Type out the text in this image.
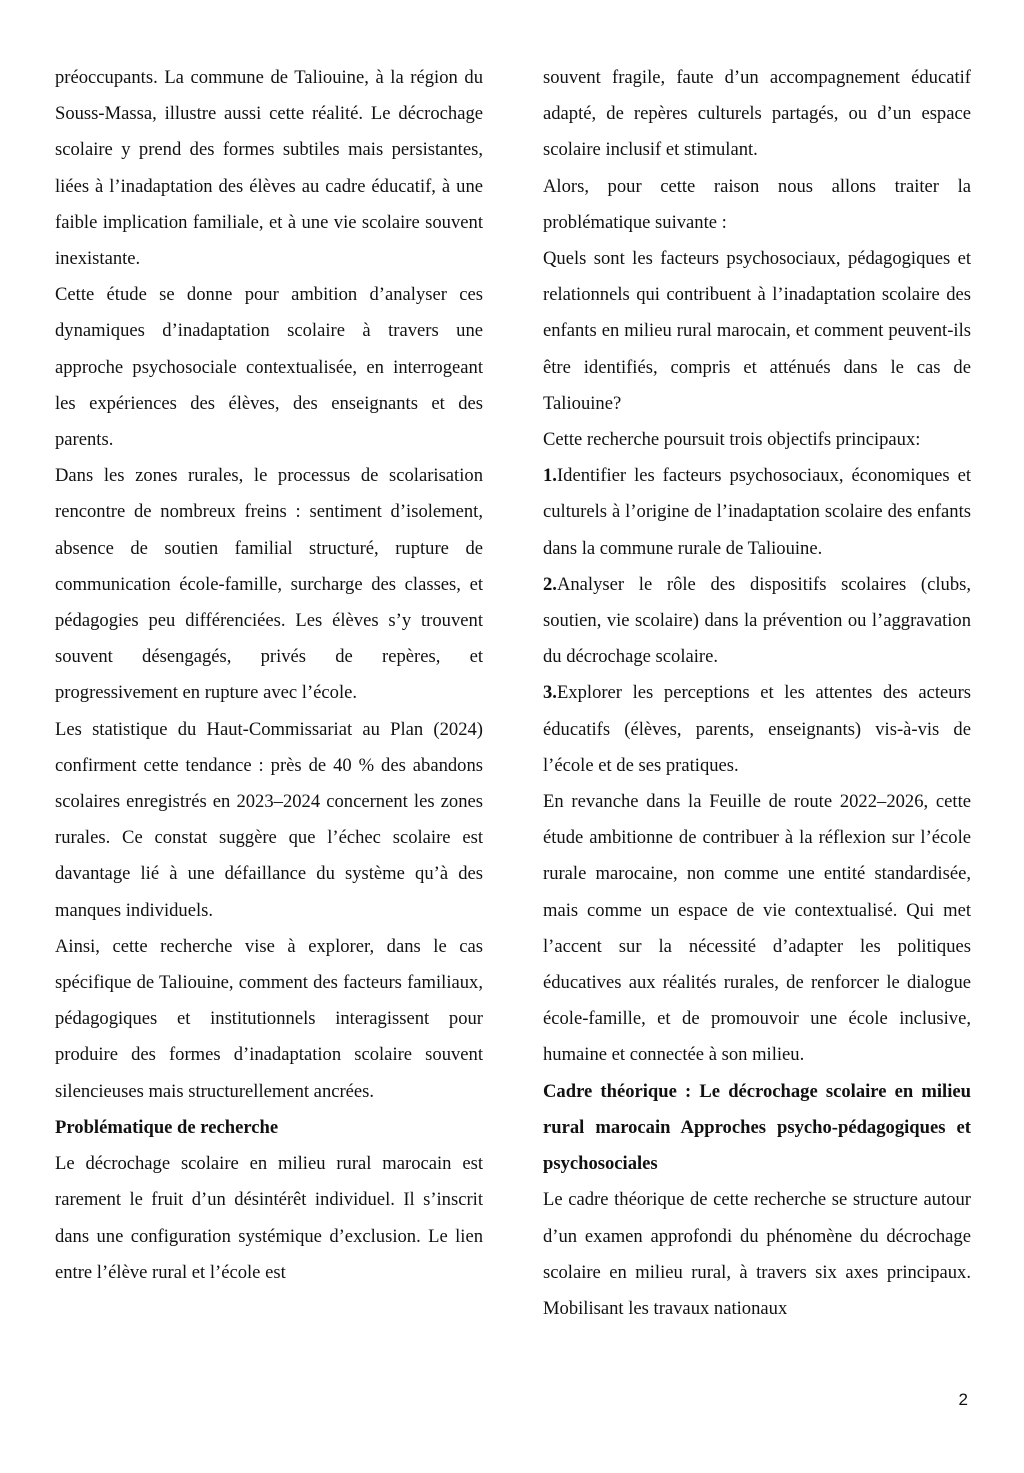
préoccupants. La commune de Taliouine, à la région du Souss-Massa, illustre aussi cette réalité. Le décrochage scolaire y prend des formes subtiles mais persistantes, liées à l’inadaptation des élèves au cadre éducatif, à une faible implication familiale, et à une vie scolaire souvent inexistante.

Cette étude se donne pour ambition d’analyser ces dynamiques d’inadaptation scolaire à travers une approche psychosociale contextualisée, en interrogeant les expériences des élèves, des enseignants et des parents.

Dans les zones rurales, le processus de scolarisation rencontre de nombreux freins : sentiment d’isolement, absence de soutien familial structuré, rupture de communication école-famille, surcharge des classes, et pédagogies peu différenciées. Les élèves s’y trouvent souvent désengagés, privés de repères, et progressivement en rupture avec l’école.

Les statistique du Haut-Commissariat au Plan (2024) confirment cette tendance : près de 40 % des abandons scolaires enregistrés en 2023–2024 concernent les zones rurales. Ce constat suggère que l’échec scolaire est davantage lié à une défaillance du système qu’à des manques individuels.

Ainsi, cette recherche vise à explorer, dans le cas spécifique de Taliouine, comment des facteurs familiaux, pédagogiques et institutionnels interagissent pour produire des formes d’inadaptation scolaire souvent silencieuses mais structurellement ancrées.

Problématique de recherche

Le décrochage scolaire en milieu rural marocain est rarement le fruit d’un désintérêt individuel. Il s’inscrit dans une configuration systémique d’exclusion. Le lien entre l’élève rural et l’école est

souvent fragile, faute d’un accompagnement éducatif adapté, de repères culturels partagés, ou d’un espace scolaire inclusif et stimulant.

Alors, pour cette raison nous allons traiter la problématique suivante :

Quels sont les facteurs psychosociaux, pédagogiques et relationnels qui contribuent à l’inadaptation scolaire des enfants en milieu rural marocain, et comment peuvent-ils être identifiés, compris et atténués dans le cas de Taliouine?

Cette recherche poursuit trois objectifs principaux:

1.Identifier les facteurs psychosociaux, économiques et culturels à l’origine de l’inadaptation scolaire des enfants dans la commune rurale de Taliouine.

2.Analyser le rôle des dispositifs scolaires (clubs, soutien, vie scolaire) dans la prévention ou l’aggravation du décrochage scolaire.

3.Explorer les perceptions et les attentes des acteurs éducatifs (élèves, parents, enseignants) vis-à-vis de l’école et de ses pratiques.

En revanche dans la Feuille de route 2022–2026, cette étude ambitionne de contribuer à la réflexion sur l’école rurale marocaine, non comme une entité standardisée, mais comme un espace de vie contextualisé. Qui met l’accent sur la nécessité d’adapter les politiques éducatives aux réalités rurales, de renforcer le dialogue école-famille, et de promouvoir une école inclusive, humaine et connectée à son milieu.

Cadre théorique : Le décrochage scolaire en milieu rural marocain Approches psycho-pédagogiques et psychosociales

Le cadre théorique de cette recherche se structure autour d’un examen approfondi du phénomène du décrochage scolaire en milieu rural, à travers six axes principaux. Mobilisant les travaux nationaux

2
